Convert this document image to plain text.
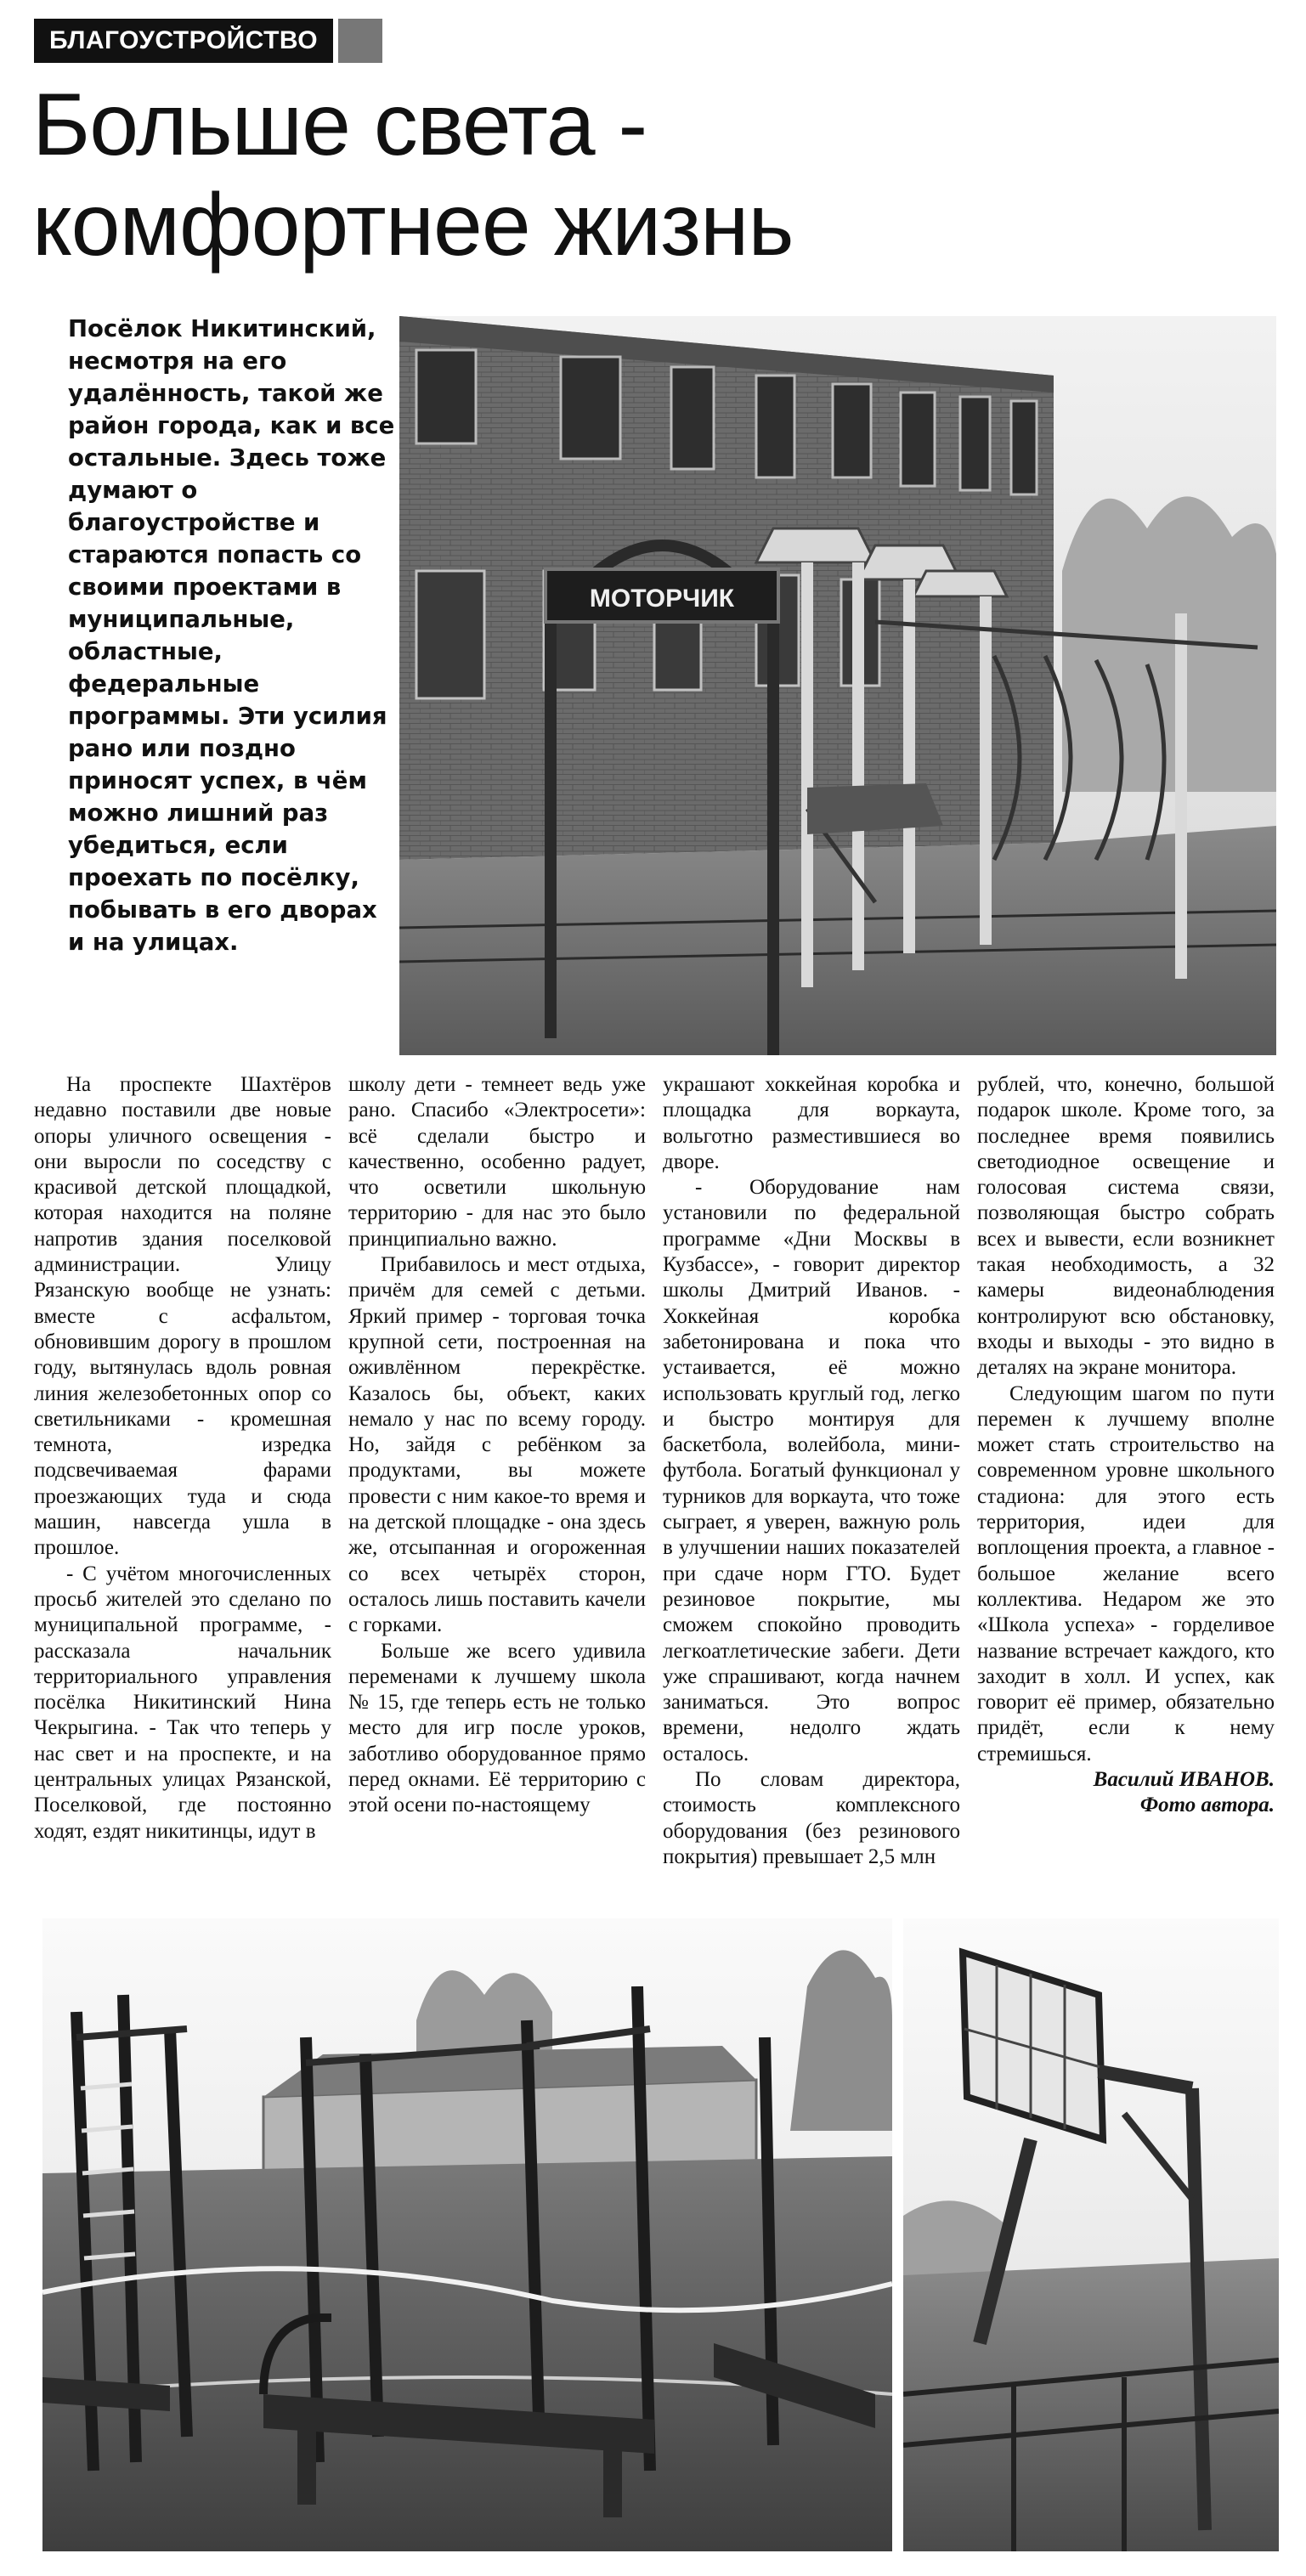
БЛАГОУСТРОЙСТВО
Больше света - комфортнее жизнь

Посёлок Никитинский, несмотря на его удалённость, такой же район города, как и все остальные. Здесь тоже думают о благоустройстве и стараются попасть со своими проектами в муниципальные, областные, федеральные программы. Эти усилия рано или поздно приносят успех, в чём можно лишний раз убедиться, если проехать по посёлку, побывать в его дворах и на улицах.

МОТОРЧИК

На проспекте Шахтёров недавно поставили две новые опоры уличного освещения - они выросли по соседству с красивой детской площадкой, которая находится на поляне напротив здания поселковой администрации. Улицу Рязанскую вообще не узнать: вместе с асфальтом, обновившим дорогу в прошлом году, вытянулась вдоль ровная линия железобетонных опор со светильниками - кромешная темнота, изредка подсвечиваемая фарами проезжающих туда и сюда машин, навсегда ушла в прошлое.

- С учётом многочисленных просьб жителей это сделано по муниципальной программе, - рассказала начальник территориального управления посёлка Никитинский Нина Чекрыгина. - Так что теперь у нас свет и на проспекте, и на центральных улицах Рязанской, Поселковой, где постоянно ходят, ездят никитинцы, идут в

школу дети - темнеет ведь уже рано. Спасибо «Электросети»: всё сделали быстро и качественно, особенно радует, что осветили школьную территорию - для нас это было принципиально важно.

Прибавилось и мест отдыха, причём для семей с детьми. Яркий пример - торговая точка крупной сети, построенная на оживлённом перекрёстке. Казалось бы, объект, каких немало у нас по всему городу. Но, зайдя с ребёнком за продуктами, вы можете провести с ним какое-то время и на детской площадке - она здесь же, отсыпанная и огороженная со всех четырёх сторон, осталось лишь поставить качели с горками.

Больше же всего удивила переменами к лучшему школа № 15, где теперь есть не только место для игр после уроков, заботливо оборудованное прямо перед окнами. Её территорию с этой осени по-настоящему

украшают хоккейная коробка и площадка для воркаута, вольготно разместившиеся во дворе.

- Оборудование нам установили по федеральной программе «Дни Москвы в Кузбассе», - говорит директор школы Дмитрий Иванов. - Хоккейная коробка забетонирована и пока что устаивается, её можно использовать круглый год, легко и быстро монтируя для баскетбола, волейбола, мини-футбола. Богатый функционал у турников для воркаута, что тоже сыграет, я уверен, важную роль в улучшении наших показателей при сдаче норм ГТО. Будет резиновое покрытие, мы сможем спокойно проводить легкоатлетические забеги. Дети уже спрашивают, когда начнем заниматься. Это вопрос времени, недолго ждать осталось.

По словам директора, стоимость комплексного оборудования (без резинового покрытия) превышает 2,5 млн

рублей, что, конечно, большой подарок школе. Кроме того, за последнее время появились светодиодное освещение и голосовая система связи, позволяющая быстро собрать всех и вывести, если возникнет такая необходимость, а 32 камеры видеонаблюдения контролируют всю обстановку, входы и выходы - это видно в деталях на экране монитора.

Следующим шагом по пути перемен к лучшему вполне может стать строительство на современном уровне школьного стадиона: для этого есть территория, идеи для воплощения проекта, а главное - большое желание всего коллектива. Недаром же это «Школа успеха» - горделивое название встречает каждого, кто заходит в холл. И успех, как говорит её пример, обязательно придёт, если к нему стремишься.

Василий ИВАНОВ.

Фото автора.
